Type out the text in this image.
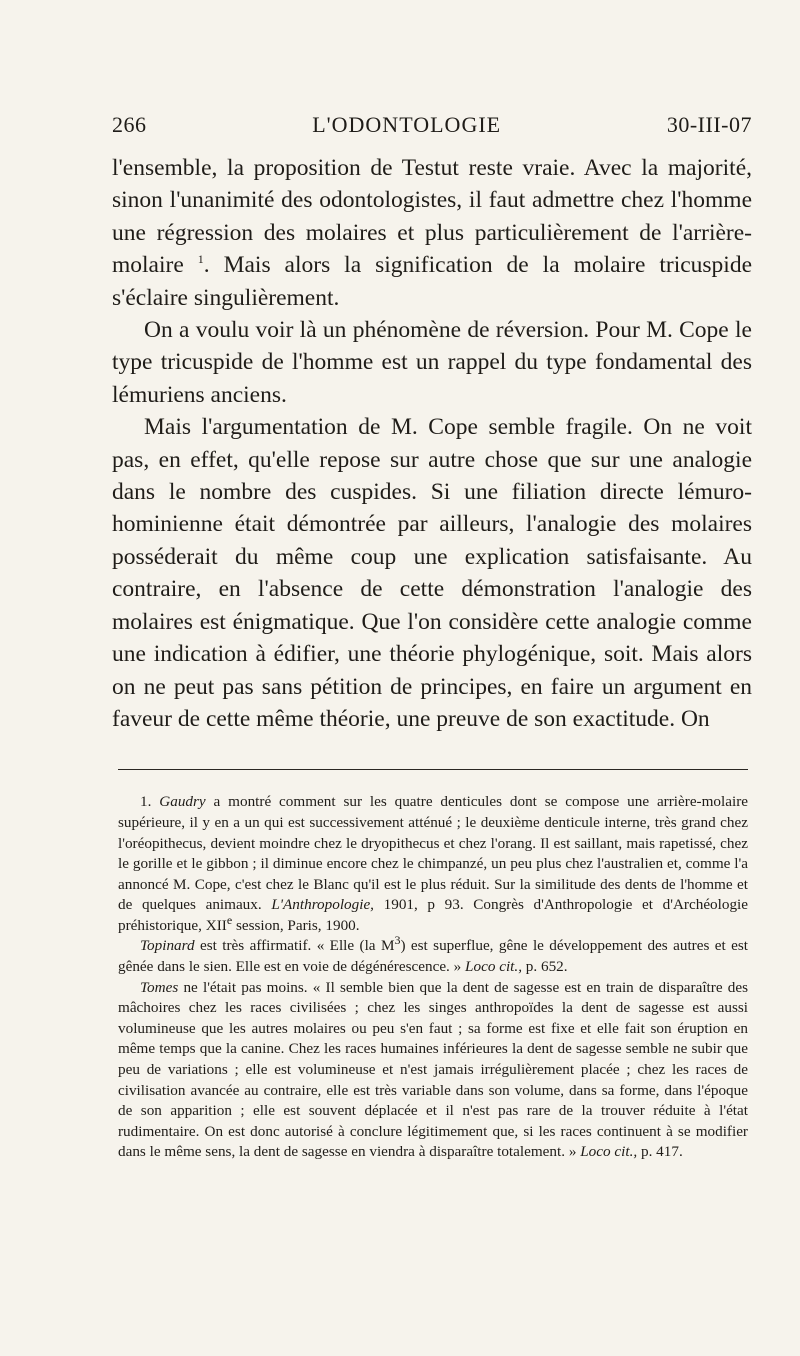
266	L'ODONTOLOGIE	30-III-07

l'ensemble, la proposition de Testut reste vraie. Avec la majorité, sinon l'unanimité des odontologistes, il faut admettre chez l'homme une régression des molaires et plus particulièrement de l'arrière-molaire $^1$. Mais alors la signification de la molaire tricuspide s'éclaire singulièrement.

On a voulu voir là un phénomène de réversion. Pour M. Cope le type tricuspide de l'homme est un rappel du type fondamental des lémuriens anciens.

Mais l'argumentation de M. Cope semble fragile. On ne voit pas, en effet, qu'elle repose sur autre chose que sur une analogie dans le nombre des cuspides. Si une filiation directe lémuro-hominienne était démontrée par ailleurs, l'analogie des molaires posséderait du même coup une explication satisfaisante. Au contraire, en l'absence de cette démonstration l'analogie des molaires est énigmatique. Que l'on considère cette analogie comme une indication à édifier, une théorie phylogénique, soit. Mais alors on ne peut pas sans pétition de principes, en faire un argument en faveur de cette même théorie, une preuve de son exactitude. On

1. Gaudry a montré comment sur les quatre denticules dont se compose une arrière-molaire supérieure, il y en a un qui est successivement atténué ; le deuxième denticule interne, très grand chez l'oréopithecus, devient moindre chez le dryopithecus et chez l'orang. Il est saillant, mais rapetissé, chez le gorille et le gibbon ; il diminue encore chez le chimpanzé, un peu plus chez l'australien et, comme l'a annoncé M. Cope, c'est chez le Blanc qu'il est le plus réduit. Sur la similitude des dents de l'homme et de quelques animaux. L'Anthropologie, 1901, p 93. Congrès d'Anthropologie et d'Archéologie préhistorique, XIIe session, Paris, 1900.

Topinard est très affirmatif. « Elle (la $M^3$) est superflue, gêne le développement des autres et est gênée dans le sien. Elle est en voie de dégénérescence. » Loco cit., p. 652.

Tomes ne l'était pas moins. « Il semble bien que la dent de sagesse est en train de disparaître des mâchoires chez les races civilisées ; chez les singes anthropoïdes la dent de sagesse est aussi volumineuse que les autres molaires ou peu s'en faut ; sa forme est fixe et elle fait son éruption en même temps que la canine. Chez les races humaines inférieures la dent de sagesse semble ne subir que peu de variations ; elle est volumineuse et n'est jamais irrégulièrement placée ; chez les races de civilisation avancée au contraire, elle est très variable dans son volume, dans sa forme, dans l'époque de son apparition ; elle est souvent déplacée et il n'est pas rare de la trouver réduite à l'état rudimentaire. On est donc autorisé à conclure légitimement que, si les races continuent à se modifier dans le même sens, la dent de sagesse en viendra à disparaître totalement. » Loco cit., p. 417.
